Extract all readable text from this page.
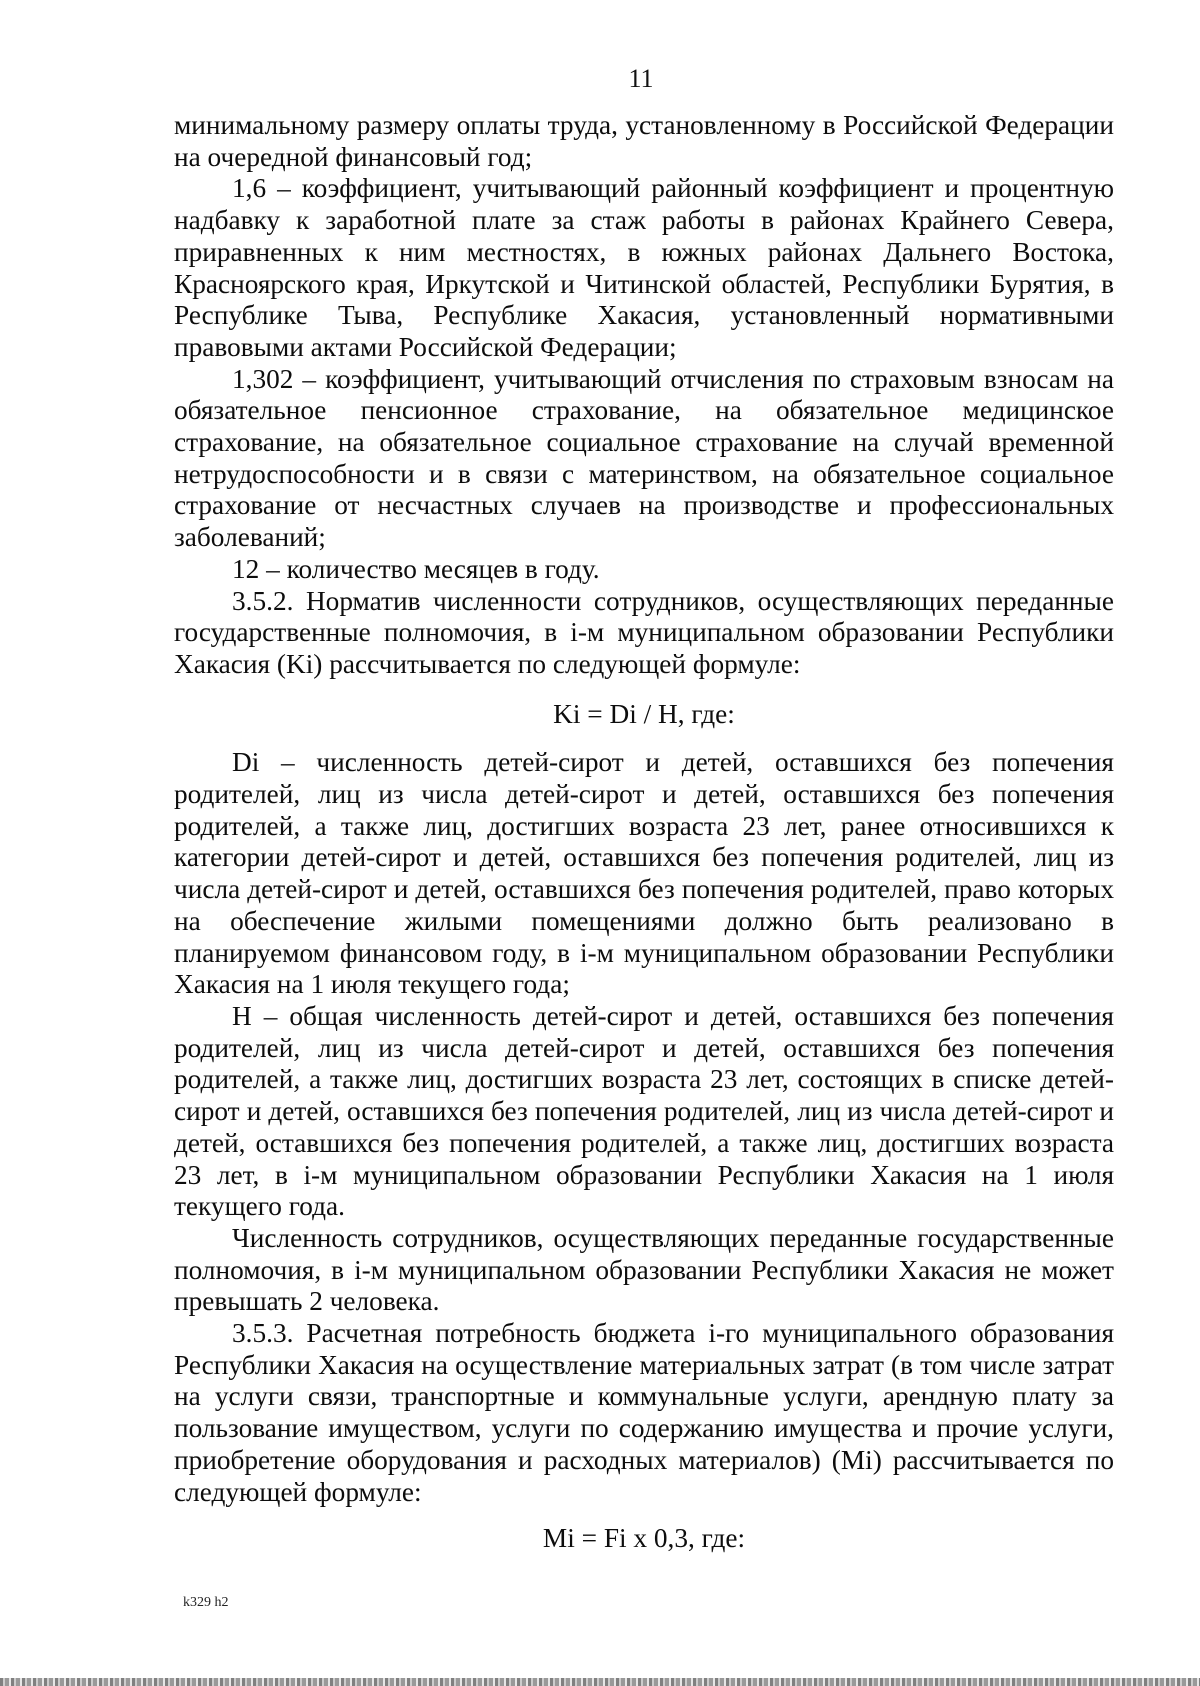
11

минимальному размеру оплаты труда, установленному в Российской Федерации на очередной финансовый год;

1,6 – коэффициент, учитывающий районный коэффициент и процентную надбавку к заработной плате за стаж работы в районах Крайнего Севера, приравненных к ним местностях, в южных районах Дальнего Востока, Красноярского края, Иркутской и Читинской областей, Республики Бурятия, в Республике Тыва, Республике Хакасия, установленный нормативными правовыми актами Российской Федерации;

1,302 – коэффициент, учитывающий отчисления по страховым взносам на обязательное пенсионное страхование, на обязательное медицинское страхование, на обязательное социальное страхование на случай временной нетрудоспособности и в связи с материнством, на обязательное социальное страхование от несчастных случаев на производстве и профессиональных заболеваний;

12 – количество месяцев в году.

3.5.2. Норматив численности сотрудников, осуществляющих переданные государственные полномочия, в i-м муниципальном образовании Республики Хакасия (Ki) рассчитывается по следующей формуле:

Ki = Di / H, где:

Di – численность детей-сирот и детей, оставшихся без попечения родителей, лиц из числа детей-сирот и детей, оставшихся без попечения родителей, а также лиц, достигших возраста 23 лет, ранее относившихся к категории детей-сирот и детей, оставшихся без попечения родителей, лиц из числа детей-сирот и детей, оставшихся без попечения родителей, право которых на обеспечение жилыми помещениями должно быть реализовано в планируемом финансовом году, в i-м муниципальном образовании Республики Хакасия на 1 июля текущего года;

H – общая численность детей-сирот и детей, оставшихся без попечения родителей, лиц из числа детей-сирот и детей, оставшихся без попечения родителей, а также лиц, достигших возраста 23 лет, состоящих в списке детей-сирот и детей, оставшихся без попечения родителей, лиц из числа детей-сирот и детей, оставшихся без попечения родителей, а также лиц, достигших возраста 23 лет, в i-м муниципальном образовании Республики Хакасия на 1 июля текущего года.

Численность сотрудников, осуществляющих переданные государственные полномочия, в i-м муниципальном образовании Республики Хакасия не может превышать 2 человека.

3.5.3. Расчетная потребность бюджета i-го муниципального образования Республики Хакасия на осуществление материальных затрат (в том числе затрат на услуги связи, транспортные и коммунальные услуги, арендную плату за пользование имуществом, услуги по содержанию имущества и прочие услуги, приобретение оборудования и расходных материалов) (Mi) рассчитывается по следующей формуле:

Mi = Fi х 0,3, где:

k329 h2
